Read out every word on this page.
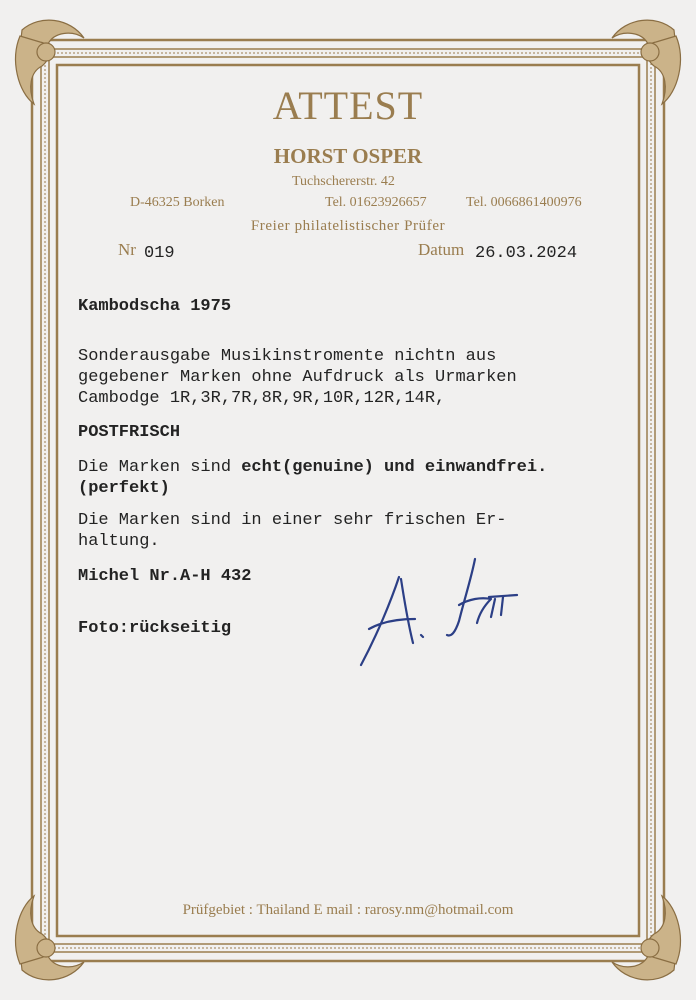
ATTEST
HORST OSPER
Tuchschererstr. 42
D-46325 Borken	Tel. 01623926657	Tel. 0066861400976
Freier philatelistischer Prüfer
Nr 019	Datum 26.03.2024
Kambodscha 1975
Sonderausgabe Musikinstromente nichtn aus
gegebener Marken ohne Aufdruck als Urmarken
Cambodge 1R,3R,7R,8R,9R,10R,12R,14R,
POSTFRISCH
Die Marken sind echt(genuine) und einwandfrei.
(perfekt)
Die Marken sind in einer sehr frischen Er-
haltung.
Michel Nr.A-H 432
Foto:rückseitig
Prüfgebiet : Thailand E mail : rarosy.nm@hotmail.com
